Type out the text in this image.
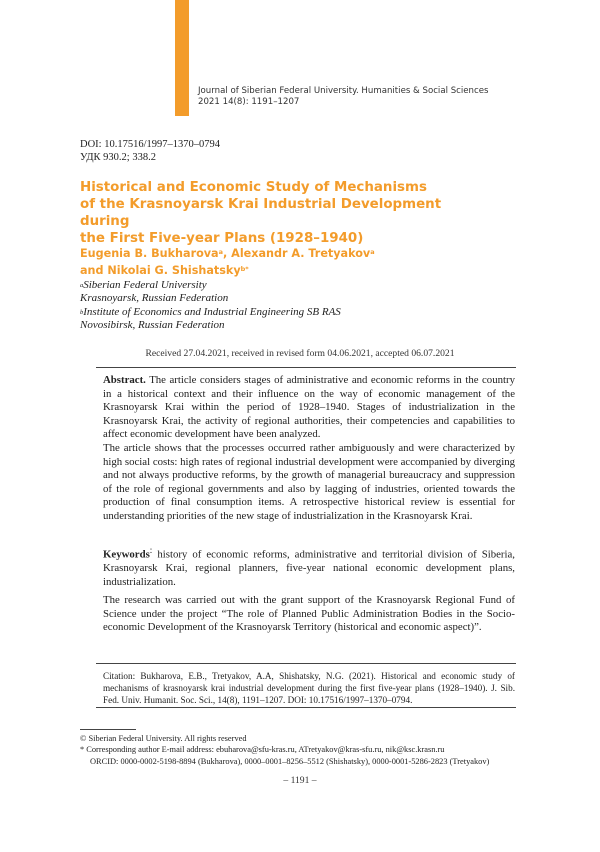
Journal of Siberian Federal University. Humanities & Social Sciences
2021 14(8): 1191–1207
DOI: 10.17516/1997–1370–0794
УДК 930.2; 338.2
Historical and Economic Study of Mechanisms
of the Krasnoyarsk Krai Industrial Development during
the First Five-year Plans (1928–1940)
Eugenia B. Bukharova$^a$, Alexandr A. Tretyakov$^a$
and Nikolai G. Shishatsky$^{b*}$
$^a$Siberian Federal University
Krasnoyarsk, Russian Federation
$^b$Institute of Economics and Industrial Engineering SB RAS
Novosibirsk, Russian Federation
Received 27.04.2021, received in revised form 04.06.2021, accepted 06.07.2021

Abstract. The article considers stages of administrative and economic reforms in the country in a historical context and their influence on the way of economic management of the Krasnoyarsk Krai within the period of 1928–1940. Stages of industrialization in the Krasnoyarsk Krai, the activity of regional authorities, their competencies and capabilities to affect economic development have been analyzed.

The article shows that the processes occurred rather ambiguously and were characterized by high social costs: high rates of regional industrial development were accompanied by diverging and not always productive reforms, by the growth of managerial bureaucracy and suppression of the role of regional governments and also by lagging of industries, oriented towards the production of final consumption items. A retrospective historical review is essential for understanding priorities of the new stage of industrialization in the Krasnoyarsk Krai.

Keywords: history of economic reforms, administrative and territorial division of Siberia, Krasnoyarsk Krai, regional planners, five-year national economic development plans, industrialization.
The research was carried out with the grant support of the Krasnoyarsk Regional Fund of Science under the project “The role of Planned Public Administration Bodies in the Socio-economic Development of the Krasnoyarsk Territory (historical and economic aspect)”.
Citation: Bukharova, E.B., Tretyakov, A.A, Shishatsky, N.G. (2021). Historical and economic study of mechanisms of krasnoyarsk krai industrial development during the first five-year plans (1928–1940). J. Sib. Fed. Univ. Humanit. Soc. Sci., 14(8), 1191–1207. DOI: 10.17516/1997–1370–0794.
© Siberian Federal University. All rights reserved
* Corresponding author E-mail address: ebuharova@sfu-kras.ru, ATretyakov@kras-sfu.ru, nik@ksc.krasn.ru
ORCID: 0000-0002-5198-8894 (Bukharova), 0000–0001–8256–5512 (Shishatsky), 0000-0001-5286-2823 (Tretyakov)
– 1191 –
